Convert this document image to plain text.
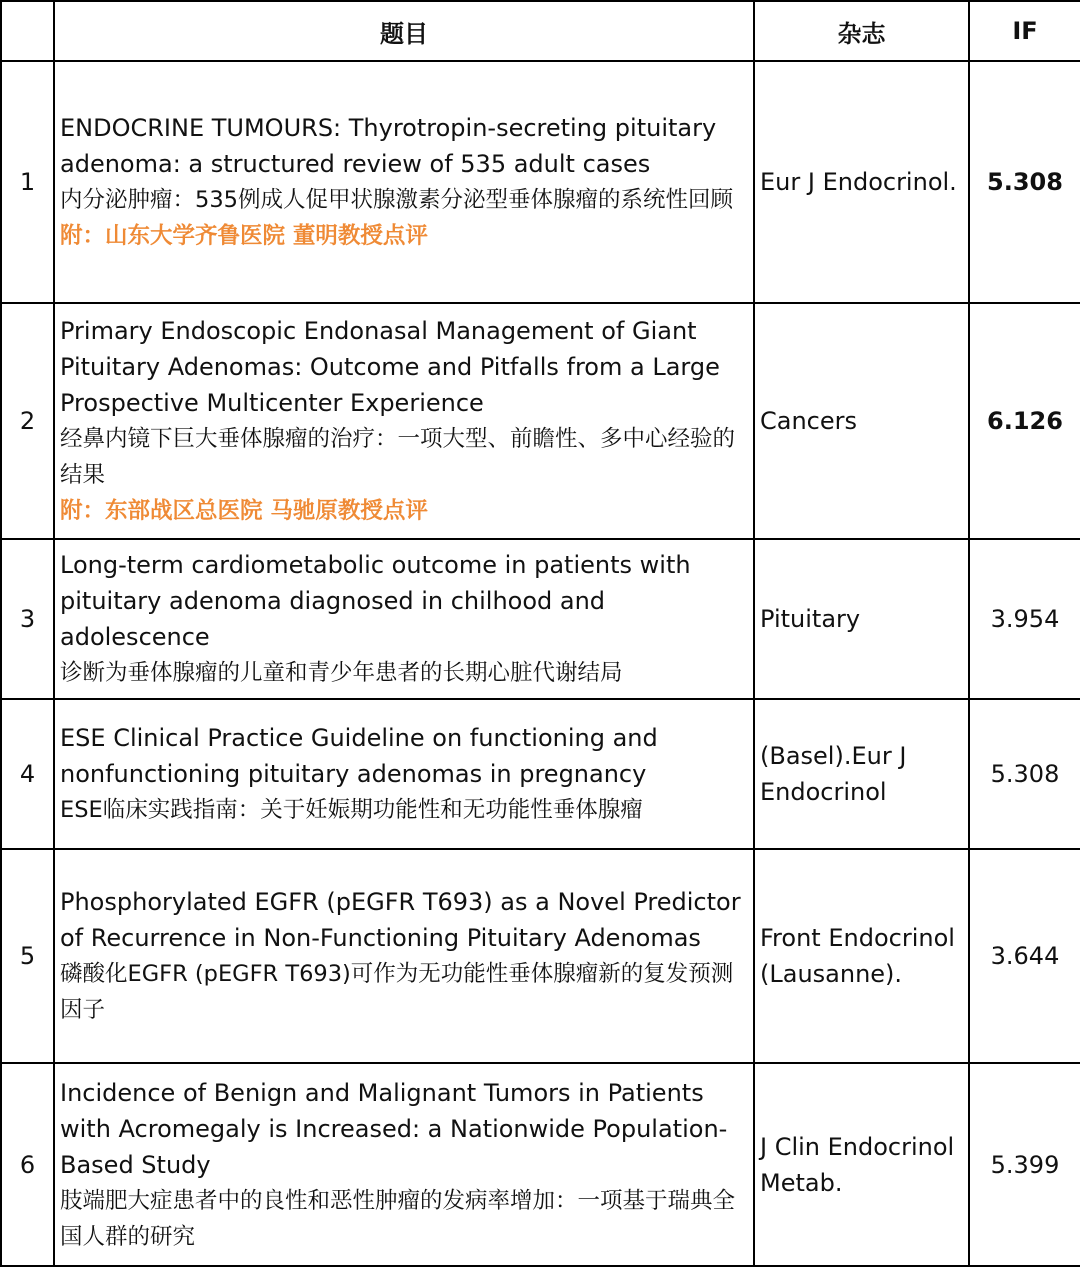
	题目	杂志	IF
1	ENDOCRINE TUMOURS: Thyrotropin-secreting pituitary adenoma: a structured review of 535 adult cases
内分泌肿瘤：535例成人促甲状腺激素分泌型垂体腺瘤的系统性回顾
附：山东大学齐鲁医院 董明教授点评	Eur J Endocrinol.	5.308
2	Primary Endoscopic Endonasal Management of Giant Pituitary Adenomas: Outcome and Pitfalls from a Large Prospective Multicenter Experience
经鼻内镜下巨大垂体腺瘤的治疗：一项大型、前瞻性、多中心经验的结果
附：东部战区总医院 马驰原教授点评	Cancers	6.126
3	Long-term cardiometabolic outcome in patients with pituitary adenoma diagnosed in chilhood and adolescence
诊断为垂体腺瘤的儿童和青少年患者的长期心脏代谢结局	Pituitary	3.954
4	ESE Clinical Practice Guideline on functioning and nonfunctioning pituitary adenomas in pregnancy
ESE临床实践指南：关于妊娠期功能性和无功能性垂体腺瘤	(Basel).Eur J Endocrinol	5.308
5	Phosphorylated EGFR (pEGFR T693) as a Novel Predictor of Recurrence in Non-Functioning Pituitary Adenomas
磷酸化EGFR (pEGFR T693)可作为无功能性垂体腺瘤新的复发预测因子	Front Endocrinol (Lausanne).	3.644
6	Incidence of Benign and Malignant Tumors in Patients with Acromegaly is Increased: a Nationwide Population-Based Study
肢端肥大症患者中的良性和恶性肿瘤的发病率增加：一项基于瑞典全国人群的研究	J Clin Endocrinol Metab.	5.399
